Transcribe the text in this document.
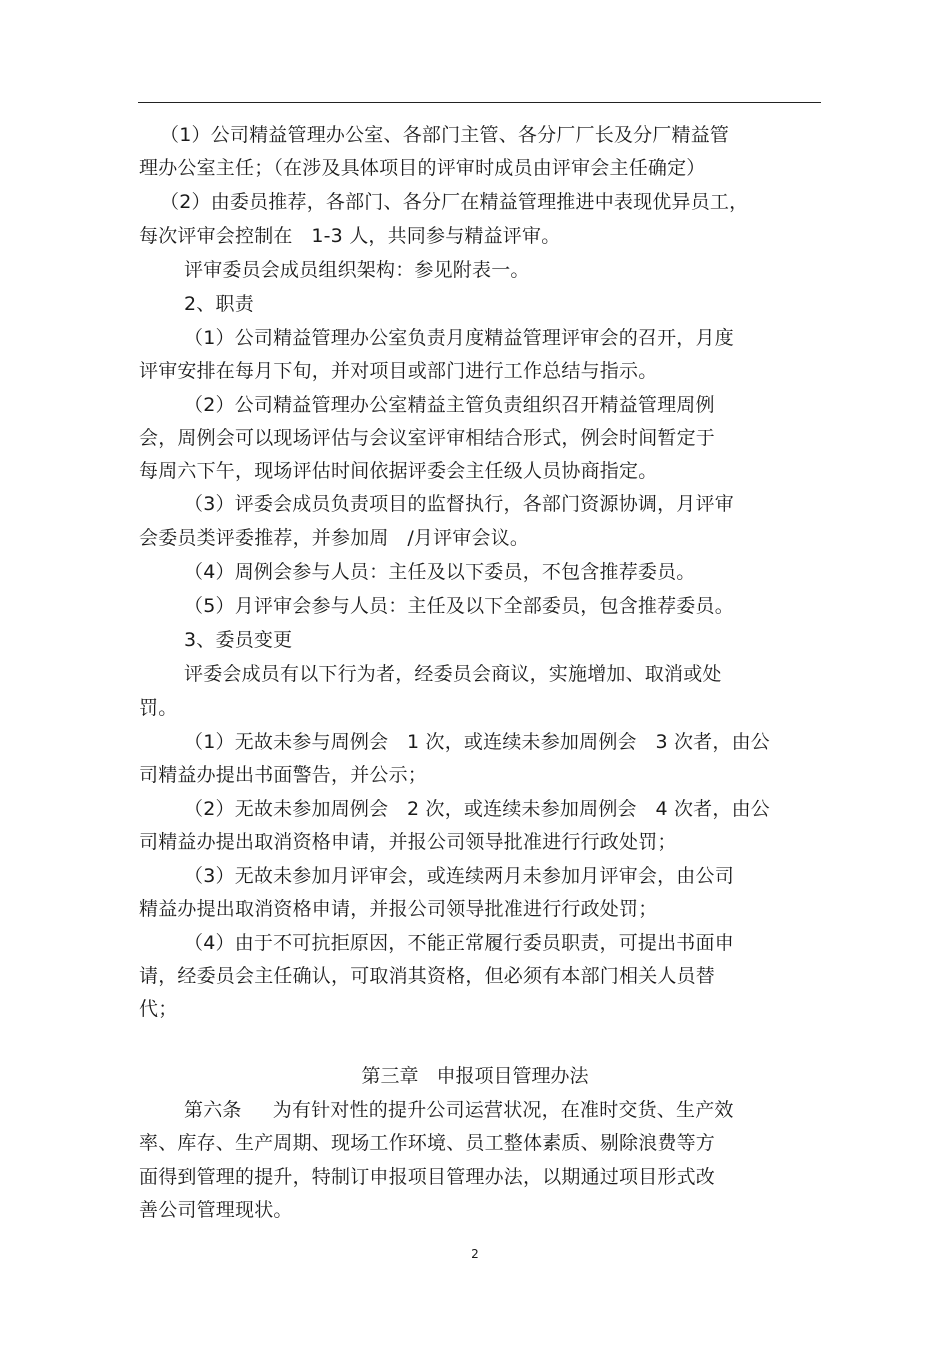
（1）公司精益管理办公室、各部门主管、各分厂厂长及分厂精益管
理办公室主任；（在涉及具体项目的评审时成员由评审会主任确定）
（2）由委员推荐，各部门、各分厂在精益管理推进中表现优异员工，
每次评审会控制在   1-3 人，共同参与精益评审。
评审委员会成员组织架构：参见附表一。
2、职责
（1）公司精益管理办公室负责月度精益管理评审会的召开，月度
评审安排在每月下旬，并对项目或部门进行工作总结与指示。
（2）公司精益管理办公室精益主管负责组织召开精益管理周例
会，周例会可以现场评估与会议室评审相结合形式，例会时间暂定于
每周六下午，现场评估时间依据评委会主任级人员协商指定。
（3）评委会成员负责项目的监督执行，各部门资源协调，月评审
会委员类评委推荐，并参加周   /月评审会议。
（4）周例会参与人员：主任及以下委员，不包含推荐委员。
（5）月评审会参与人员：主任及以下全部委员，包含推荐委员。
3、委员变更
评委会成员有以下行为者，经委员会商议，实施增加、取消或处
罚。
（1）无故未参与周例会   1 次，或连续未参加周例会   3 次者，由公
司精益办提出书面警告，并公示；
（2）无故未参加周例会   2 次，或连续未参加周例会   4 次者，由公
司精益办提出取消资格申请，并报公司领导批准进行行政处罚；
（3）无故未参加月评审会，或连续两月未参加月评审会，由公司
精益办提出取消资格申请，并报公司领导批准进行行政处罚；
（4）由于不可抗拒原因，不能正常履行委员职责，可提出书面申
请，经委员会主任确认，可取消其资格，但必须有本部门相关人员替
代；
第三章   申报项目管理办法
第六条     为有针对性的提升公司运营状况，在准时交货、生产效
率、库存、生产周期、现场工作环境、员工整体素质、剔除浪费等方
面得到管理的提升，特制订申报项目管理办法，以期通过项目形式改
善公司管理现状。
2
